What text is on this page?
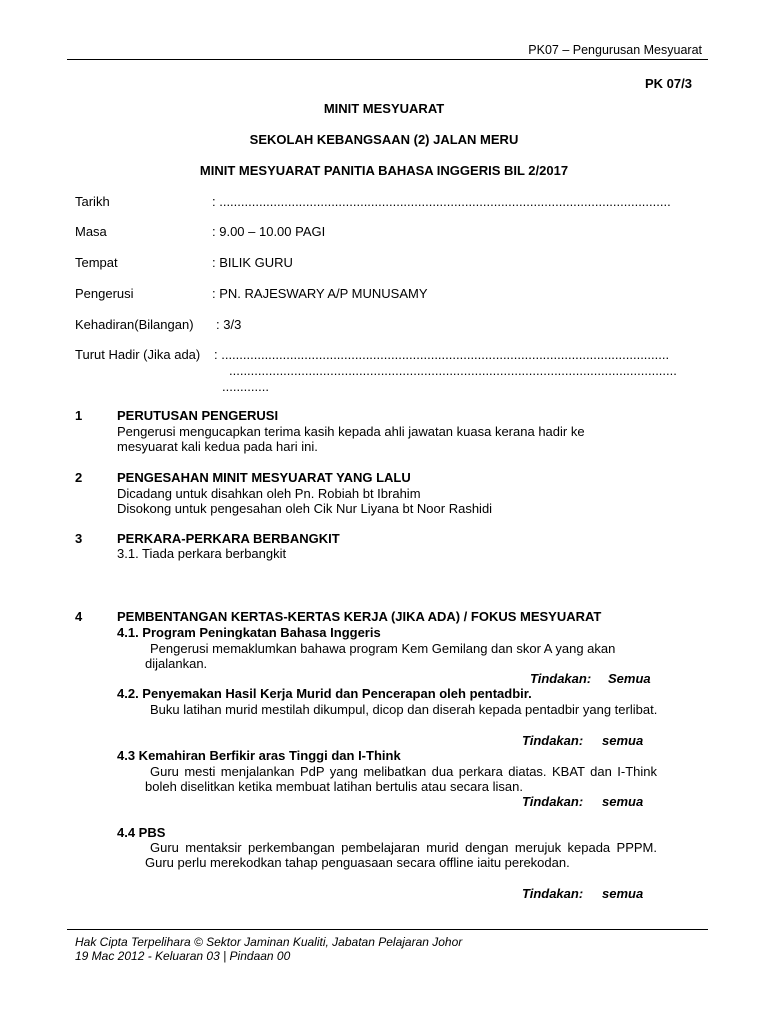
PK07 – Pengurusan Mesyuarat
PK 07/3
MINIT MESYUARAT
SEKOLAH KEBANGSAAN (2) JALAN MERU
MINIT MESYUARAT PANITIA BAHASA INGGERIS BIL 2/2017
Tarikh	: .............................................................................................................................
Masa	: 9.00 – 10.00 PAGI
Tempat	: BILIK GURU
Pengerusi	: PN. RAJESWARY A/P MUNUSAMY
Kehadiran(Bilangan) : 3/3
Turut Hadir (Jika ada) : ............................................................................................................................
............................................................................................................................
.............
1	PERUTUSAN PENGERUSI
Pengerusi mengucapkan terima kasih kepada ahli jawatan kuasa kerana hadir ke mesyuarat kali kedua pada hari ini.
2	PENGESAHAN MINIT MESYUARAT YANG LALU
Dicadang untuk disahkan oleh Pn. Robiah bt Ibrahim
Disokong untuk pengesahan oleh Cik Nur Liyana bt Noor Rashidi
3	PERKARA-PERKARA BERBANGKIT
3.1. Tiada perkara berbangkit
4	PEMBENTANGAN KERTAS-KERTAS KERJA (JIKA ADA) / FOKUS MESYUARAT
4.1. Program Peningkatan Bahasa Inggeris
Pengerusi memaklumkan bahawa program Kem Gemilang dan skor A yang akan dijalankan.
Tindakan: Semua
4.2. Penyemakan Hasil Kerja Murid dan Pencerapan oleh pentadbir.
Buku latihan murid mestilah dikumpul, dicop dan diserah kepada pentadbir yang terlibat.
Tindakan: semua
4.3 Kemahiran Berfikir aras Tinggi dan I-Think
Guru mesti menjalankan PdP yang melibatkan dua perkara diatas. KBAT dan I-Think boleh diselitkan ketika membuat latihan bertulis atau secara lisan.
Tindakan: semua
4.4 PBS
Guru mentaksir perkembangan pembelajaran murid dengan merujuk kepada PPPM. Guru perlu merekodkan tahap penguasaan secara offline iaitu perekodan.
Tindakan: semua
Hak Cipta Terpelihara © Sektor Jaminan Kualiti, Jabatan Pelajaran Johor
19 Mac 2012 - Keluaran 03 | Pindaan 00
